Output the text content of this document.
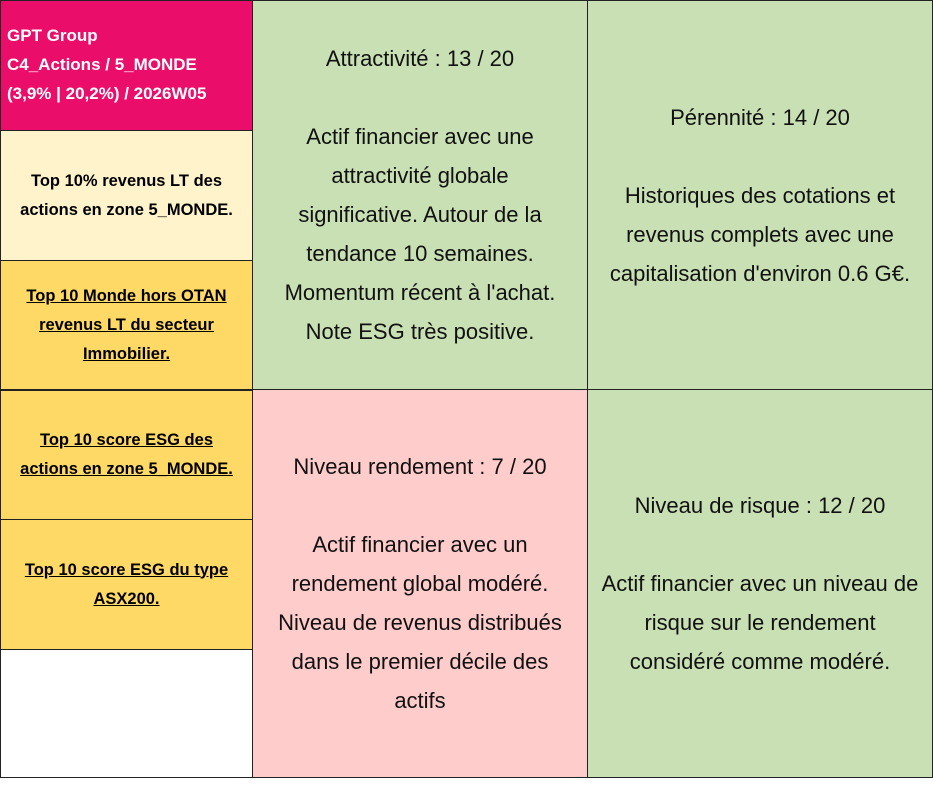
GPT Group
C4_Actions / 5_MONDE
(3,9% | 20,2%) / 2026W05
Top 10% revenus LT des
actions en zone 5_MONDE.
Top 10 Monde hors OTAN
revenus LT du secteur
Immobilier.
Top 10 score ESG des
actions en zone 5_MONDE.
Top 10 score ESG du type
ASX200.
Attractivité : 13 / 20
Actif financier avec une
attractivité globale
significative. Autour de la
tendance 10 semaines.
Momentum récent à l'achat.
Note ESG très positive.
Pérennité : 14 / 20
Historiques des cotations et
revenus complets avec une
capitalisation d'environ 0.6 G€.
Niveau rendement : 7 / 20
Actif financier avec un
rendement global modéré.
Niveau de revenus distribués
dans le premier décile des
actifs
Niveau de risque : 12 / 20
Actif financier avec un niveau de
risque sur le rendement
considéré comme modéré.
